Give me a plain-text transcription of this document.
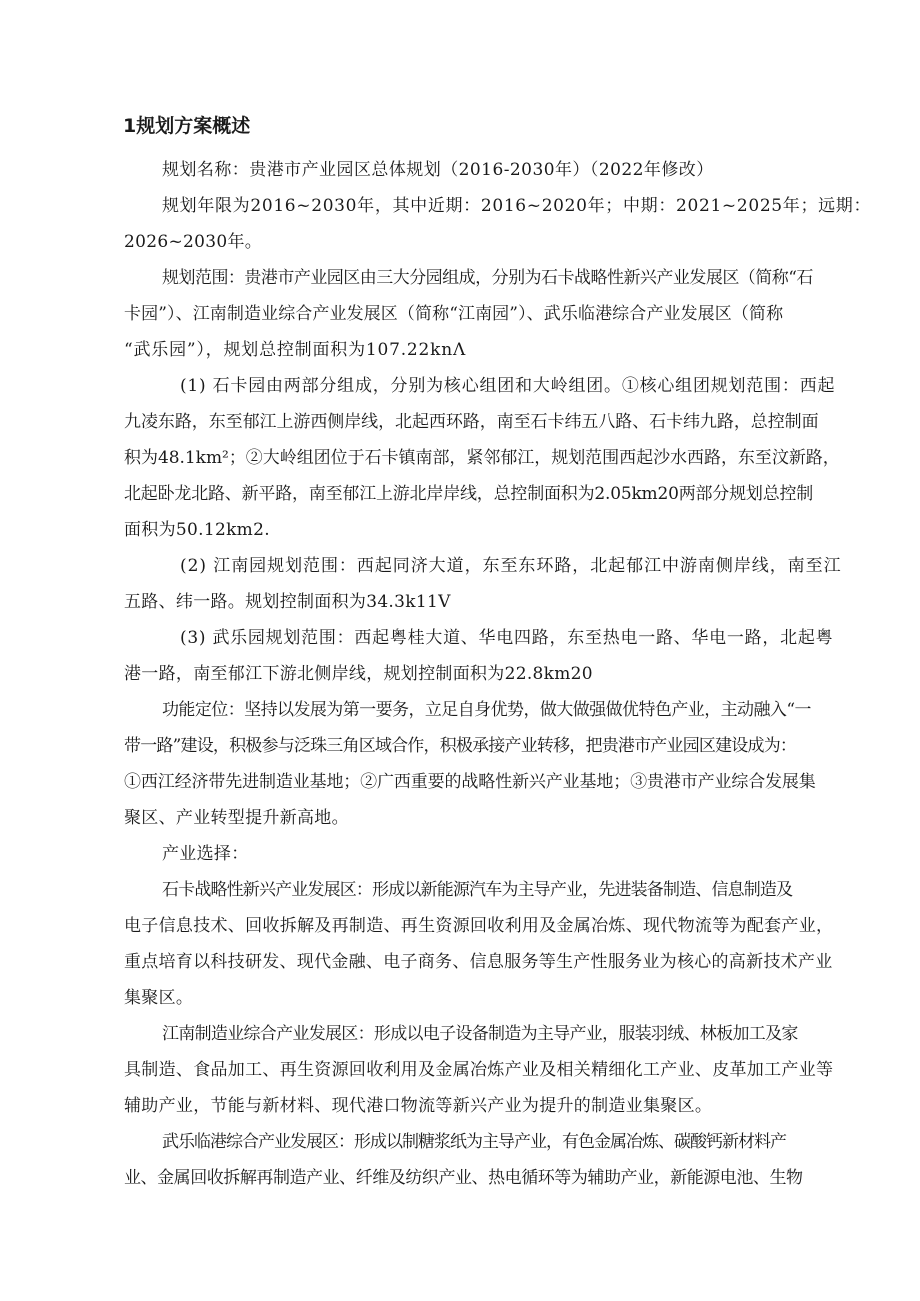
1规划方案概述
规划名称：贵港市产业园区总体规划（2016-2030年）（2022年修改）
规划年限为2016~2030年，其中近期：2016~2020年；中期：2021~2025年；远期：
2026~2030年。
规划范围：贵港市产业园区由三大分园组成，分别为石卡战略性新兴产业发展区（简称“石
卡园”）、江南制造业综合产业发展区（简称“江南园”）、武乐临港综合产业发展区（简称
“武乐园”），规划总控制面积为107.22knΛ
(1) 石卡园由两部分组成，分别为核心组团和大岭组团。①核心组团规划范围：西起
九凌东路，东至郁江上游西侧岸线，北起西环路，南至石卡纬五八路、石卡纬九路，总控制面
积为48.1km²；②大岭组团位于石卡镇南部，紧邻郁江，规划范围西起沙水西路，东至汶新路，
北起卧龙北路、新平路，南至郁江上游北岸岸线，总控制面积为2.05km20两部分规划总控制
面积为50.12km2.
(2) 江南园规划范围：西起同济大道，东至东环路，北起郁江中游南侧岸线，南至江
五路、纬一路。规划控制面积为34.3k11V
(3) 武乐园规划范围：西起粤桂大道、华电四路，东至热电一路、华电一路，北起粤
港一路，南至郁江下游北侧岸线，规划控制面积为22.8km20
功能定位：坚持以发展为第一要务，立足自身优势，做大做强做优特色产业，主动融入“一
带一路”建设，积极参与泛珠三角区域合作，积极承接产业转移，把贵港市产业园区建设成为：
①西江经济带先进制造业基地；②广西重要的战略性新兴产业基地；③贵港市产业综合发展集
聚区、产业转型提升新高地。
产业选择：
石卡战略性新兴产业发展区：形成以新能源汽车为主导产业，先进装备制造、信息制造及
电子信息技术、回收拆解及再制造、再生资源回收利用及金属冶炼、现代物流等为配套产业，
重点培育以科技研发、现代金融、电子商务、信息服务等生产性服务业为核心的高新技术产业
集聚区。
江南制造业综合产业发展区：形成以电子设备制造为主导产业，服装羽绒、林板加工及家
具制造、食品加工、再生资源回收利用及金属冶炼产业及相关精细化工产业、皮革加工产业等
辅助产业，节能与新材料、现代港口物流等新兴产业为提升的制造业集聚区。
武乐临港综合产业发展区：形成以制糖浆纸为主导产业，有色金属冶炼、碳酸钙新材料产
业、金属回收拆解再制造产业、纤维及纺织产业、热电循环等为辅助产业，新能源电池、生物
